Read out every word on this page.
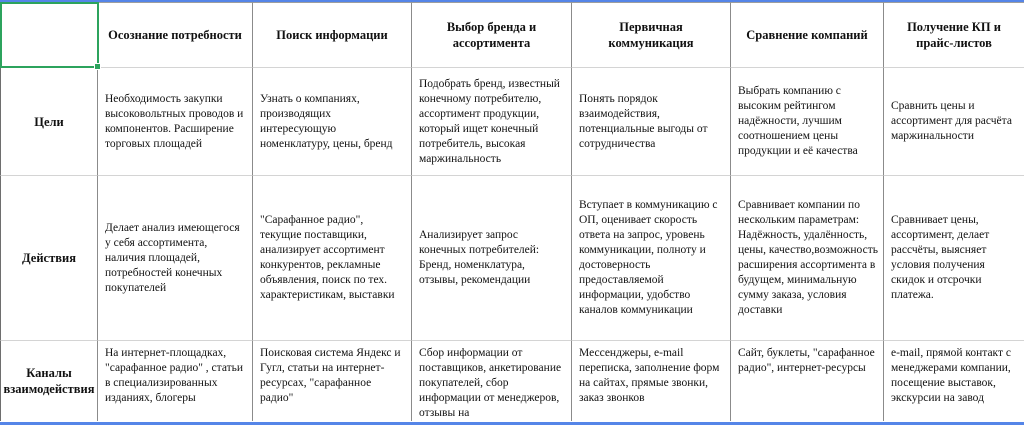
Осознание потребности	Поиск информации
Выбор бренда и ассортимента
Первичная коммуникация
Сравнение компаний
Получение КП и прайс-листов
Цели
Необходимость закупки высоковольтных проводов и компонентов. Расширение торговых площадей
Узнать о компаниях, производящих интересующую номенклатуру, цены, бренд
Подобрать бренд, известный конечному потребителю, ассортимент продукции, который ищет конечный потребитель, высокая маржинальность
Понять порядок взаимодействия, потенциальные выгоды от сотрудничества
Выбрать компанию с высоким рейтингом надёжности, лучшим соотношением цены продукции и её качества
Сравнить цены и ассортимент для расчёта маржинальности
Действия
Делает анализ имеющегося у себя ассортимента, наличия площадей, потребностей конечных покупателей
"Сарафанное радио", текущие поставщики, анализирует ассортимент конкурентов, рекламные объявления, поиск по тех. характеристикам, выставки
Анализирует запрос конечных потребителей: Бренд, номенклатура, отзывы, рекомендации
Вступает в коммуникацию с ОП, оценивает скорость ответа на запрос, уровень коммуникации, полноту и достоверность предоставляемой информации, удобство каналов коммуникации
Сравнивает компании по нескольким параметрам: Надёжность, удалённость, цены, качество,возможность расширения ассортимента в будущем, минимальную сумму заказа, условия доставки
Сравнивает цены, ассортимент, делает рассчёты, выясняет условия получения скидок и отсрочки платежа.
Каналы взаимодействия
На интернет-площадках, "сарафанное радио" , статьи в специализированных изданиях, блогеры
Поисковая система Яндекс и Гугл, статьи на интернет-ресурсах, "сарафанное радио"
Сбор информации от поставщиков, анкетирование покупателей, сбор информации от менеджеров, отзывы на
Мессенджеры, e-mail переписка, заполнение форм на сайтах, прямые звонки, заказ звонков
Сайт, буклеты, "сарафанное радио", интернет-ресурсы
e-mail, прямой контакт с менеджерами компании, посещение выставок, экскурсии на завод
